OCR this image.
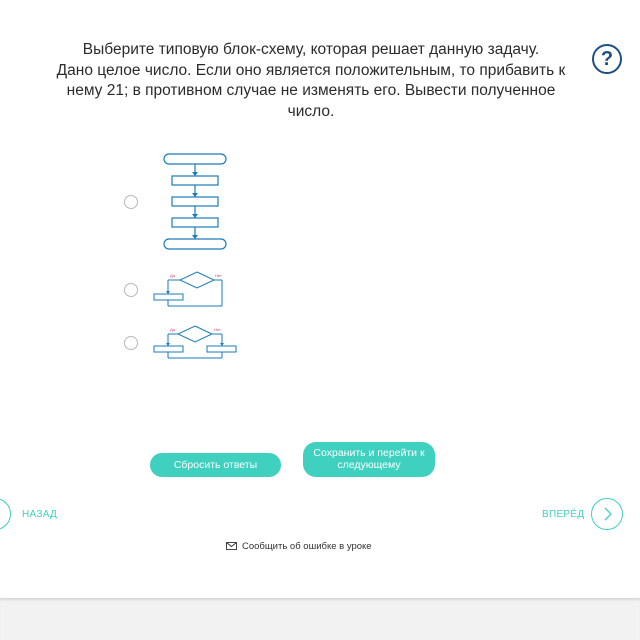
Выберите типовую блок-схему, которая решает данную задачу.
Дано целое число. Если оно является положительным, то прибавить к
нему 21; в противном случае не изменять его. Вывести полученное
число.
?
Да	Нет
Да	Нет
Сбросить ответы
Сохранить и перейти к
следующему
НАЗАД	ВПЕРЁД
Сообщить об ошибке в уроке
